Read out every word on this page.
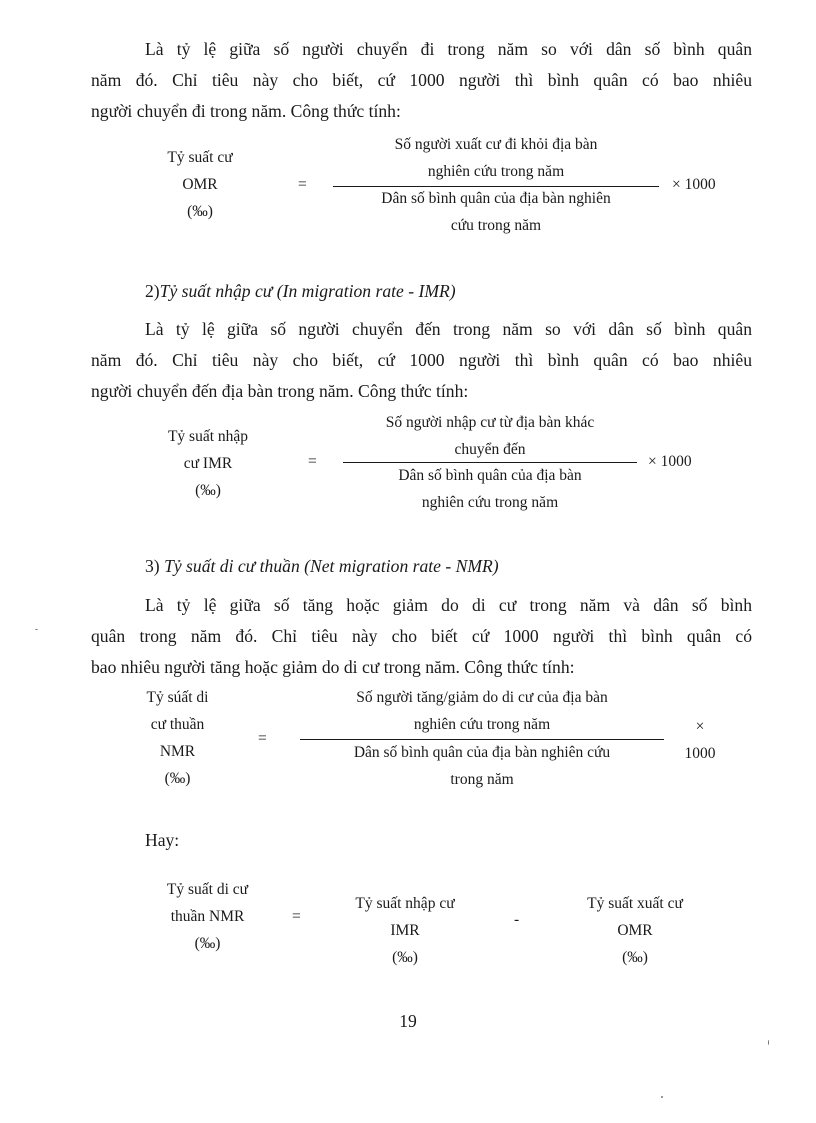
Là tỷ lệ giữa số người chuyển đi trong năm so với dân số bình quân
năm đó. Chỉ tiêu này cho biết, cứ 1000 người thì bình quân có bao nhiêu
người chuyển đi trong năm. Công thức tính:
Tỷ suất cư
OMR
(‰)
=
Số người xuất cư đi khỏi địa bàn
nghiên cứu trong năm
Dân số bình quân của địa bàn nghiên
cứu trong năm
× 1000
2)Tỷ suất nhập cư (In migration rate - IMR)
Là tỷ lệ giữa số người chuyển đến trong năm so với dân số bình quân
năm đó. Chỉ tiêu này cho biết, cứ 1000 người thì bình quân có bao nhiêu
người chuyển đến địa bàn trong năm. Công thức tính:
Tỷ suất nhập
cư IMR
(‰)
=
Số người nhập cư từ địa bàn khác
chuyển đến
Dân số bình quân của địa bàn
nghiên cứu trong năm
× 1000
3) Tỷ suất di cư thuần (Net migration rate - NMR)
Là tỷ lệ giữa số tăng hoặc giảm do di cư trong năm và dân số bình
quân trong năm đó. Chỉ tiêu này cho biết cứ 1000 người thì bình quân có
bao nhiêu người tăng hoặc giảm do di cư trong năm. Công thức tính:
Tỷ súất di
cư thuần
NMR
(‰)
=
Số người tăng/giảm do di cư của địa bàn
nghiên cứu trong năm
Dân số bình quân của địa bàn nghiên cứu
trong năm
×
1000
Hay:
Tỷ suất di cư
thuần NMR
(‰)
=
Tỷ suất nhập cư
IMR
(‰)
-
Tỷ suất xuất cư
OMR
(‰)
19
